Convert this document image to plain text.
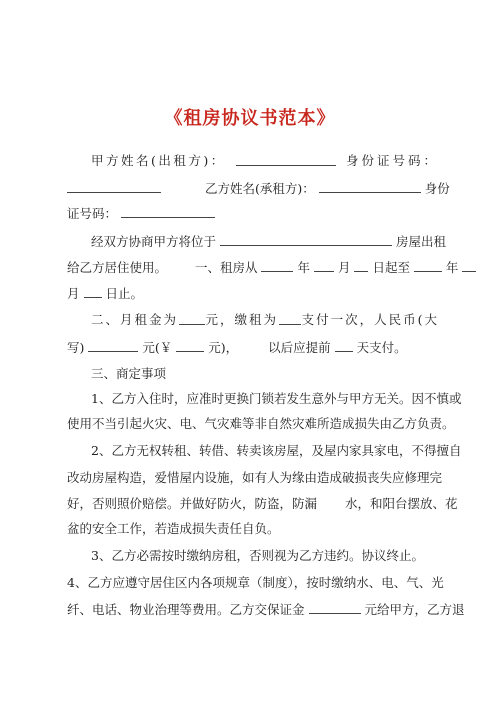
《租房协议书范本》
甲方姓名(出租方)：	身份证号码：
乙方姓名(承租方)：	身份
证号码：
经双方协商甲方将位于	房屋出租
给乙方居住使用。 一、租房从	年 月 日起至	年
月 日止。
二、月租金为 元，缴租为 支付一次，人民币(大
写)	元(￥	元)， 以后应提前 天支付。
三、商定事项
1、乙方入住时，应准时更换门锁若发生意外与甲方无关。因不慎或
使用不当引起火灾、电、气灾难等非自然灾难所造成损失由乙方负责。
2、乙方无权转租、转借、转卖该房屋，及屋内家具家电，不得擅自
改动房屋构造，爱惜屋内设施，如有人为缘由造成破损丧失应修理完
好，否则照价赔偿。并做好防火，防盗，防漏 水，和阳台摆放、花
盆的安全工作，若造成损失责任自负。
3、乙方必需按时缴纳房租，否则视为乙方违约。协议终止。
4、乙方应遵守居住区内各项规章（制度），按时缴纳水、电、气、光
纤、电话、物业治理等费用。乙方交保证金	元给甲方，乙方退
